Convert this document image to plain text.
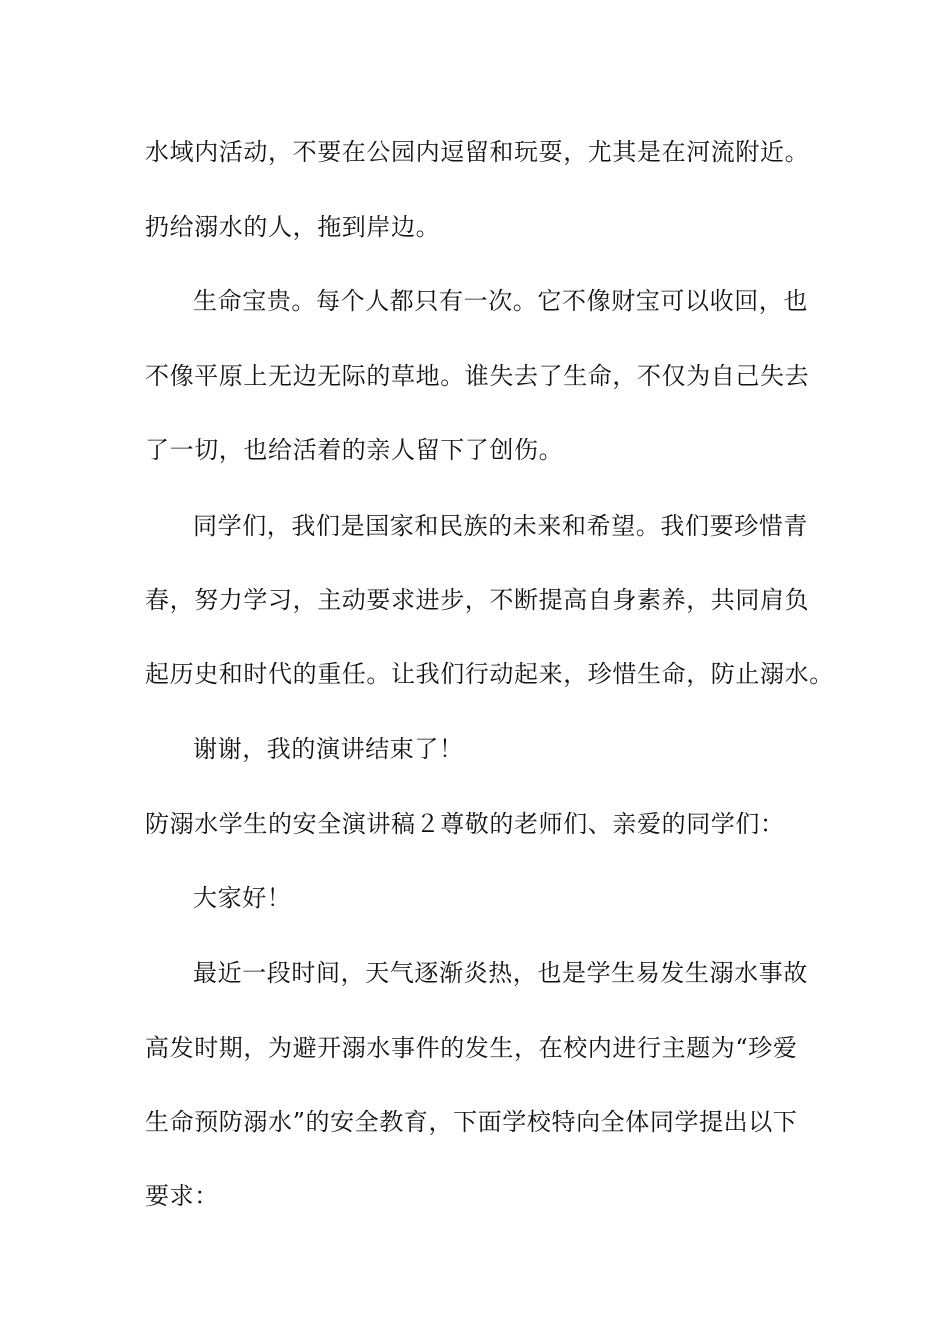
水域内活动，不要在公园内逗留和玩耍，尤其是在河流附近。
扔给溺水的人，拖到岸边。
生命宝贵。每个人都只有一次。它不像财宝可以收回，也
不像平原上无边无际的草地。谁失去了生命，不仅为自己失去
了一切，也给活着的亲人留下了创伤。
同学们，我们是国家和民族的未来和希望。我们要珍惜青
春，努力学习，主动要求进步，不断提高自身素养，共同肩负
起历史和时代的重任。让我们行动起来，珍惜生命，防止溺水。
谢谢，我的演讲结束了！
防溺水学生的安全演讲稿２尊敬的老师们、亲爱的同学们：
大家好！
最近一段时间，天气逐渐炎热，也是学生易发生溺水事故
高发时期，为避开溺水事件的发生，在校内进行主题为“珍爱
生命预防溺水”的安全教育，下面学校特向全体同学提出以下
要求：
